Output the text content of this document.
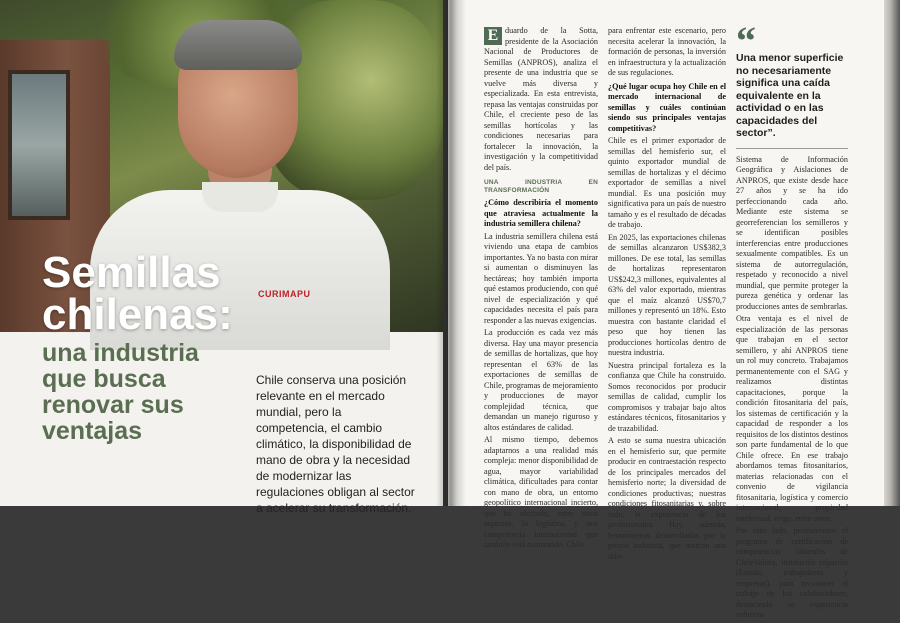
CURIMAPU
Semillas chilenas:
una industria que busca renovar sus ventajas
Chile conserva una posición relevante en el mercado mundial, pero la competencia, el cambio climático, la disponibilidad de mano de obra y la necesidad de modernizar las regulaciones obligan al sector a acelerar su transformación.

E duardo de la Sotta, presidente de la Asociación Nacional de Productores de Semillas (ANPROS), analiza el presente de una industria que se vuelve más diversa y especializada. En esta entrevista, repasa las ventajas construidas por Chile, el creciente peso de las semillas hortícolas y las condiciones necesarias para fortalecer la innovación, la investigación y la competitividad del país.

UNA INDUSTRIA EN TRANSFORMACIÓN

¿Cómo describiría el momento que atraviesa actualmente la industria semillera chilena?

La industria semillera chilena está viviendo una etapa de cambios importantes. Ya no basta con mirar si aumentan o disminuyen las hectáreas; hoy también importa qué estamos produciendo, con qué nivel de especialización y qué capacidades necesita el país para responder a las nuevas exigencias.

La producción es cada vez más diversa. Hay una mayor presencia de semillas de hortalizas, que hoy representan el 63% de las exportaciones de semillas de Chile, programas de mejoramiento y producciones de mayor complejidad técnica, que demandan un manejo riguroso y altos estándares de calidad.

Al mismo tiempo, debemos adaptarnos a una realidad más compleja: menor disponibilidad de agua, mayor variabilidad climática, dificultades para contar con mano de obra, un entorno geopolítico internacional incierto, que ha afectado, entre otros aspectos, la logística, y una competencia internacional que también está avanzando. Chile

para enfrentar este escenario, pero necesita acelerar la innovación, la formación de personas, la inversión en infraestructura y la actualización de sus regulaciones.

¿Qué lugar ocupa hoy Chile en el mercado internacional de semillas y cuáles continúan siendo sus principales ventajas competitivas?

Chile es el primer exportador de semillas del hemisferio sur, el quinto exportador mundial de semillas de hortalizas y el décimo exportador de semillas a nivel mundial. Es una posición muy significativa para un país de nuestro tamaño y es el resultado de décadas de trabajo.

En 2025, las exportaciones chilenas de semillas alcanzaron US$382,3 millones. De ese total, las semillas de hortalizas representaron US$242,3 millones, equivalentes al 63% del valor exportado, mientras que el maíz alcanzó US$70,7 millones y representó un 18%. Esto muestra con bastante claridad el peso que hoy tienen las producciones hortícolas dentro de nuestra industria.

Nuestra principal fortaleza es la confianza que Chile ha construido. Somos reconocidos por producir semillas de calidad, cumplir los compromisos y trabajar bajo altos estándares técnicos, fitosanitarios y de trazabilidad.

A esto se suma nuestra ubicación en el hemisferio sur, que permite producir en contraestación respecto de los principales mercados del hemisferio norte; la diversidad de condiciones productivas; nuestras condiciones fitosanitarias y, sobre todo, la experiencia de los profesionales. Hay, además, herramientas desarrolladas por la propia industria, que marcan una dife-

“
Una menor superficie no necesariamente significa una caída equivalente en la actividad o en las capacidades del sector”.

Sistema de Información Geográfica y Aislaciones de ANPROS, que existe desde hace 27 años y se ha ido perfeccionando cada año. Mediante este sistema se georreferencian los semilleros y se identifican posibles interferencias entre producciones sexualmente compatibles. Es un sistema de autorregulación, respetado y reconocido a nivel mundial, que permite proteger la pureza genética y ordenar las producciones antes de sembrarlas.

Otra ventaja es el nivel de especialización de las personas que trabajan en el sector semillero, y ahí ANPROS tiene un rol muy concreto. Trabajamos permanentemente con el SAG y realizamos distintas capacitaciones, porque la condición fitosanitaria del país, los sistemas de certificación y la capacidad de responder a los requisitos de los distintos destinos son parte fundamental de lo que Chile ofrece. En ese trabajo abordamos temas fitosanitarios, materias relacionadas con el convenio de vigilancia fitosanitaria, logística y comercio internacional, propiedad intelectual, riego, entre otros.

Por otro lado, promovemos el programa de certificación de competencias laborales de ChileValora, institución tripartita (Estado, trabajadores y empresas), para reconocer el trabajo de los colaboradores, destacando su experiencia esfuerzo
